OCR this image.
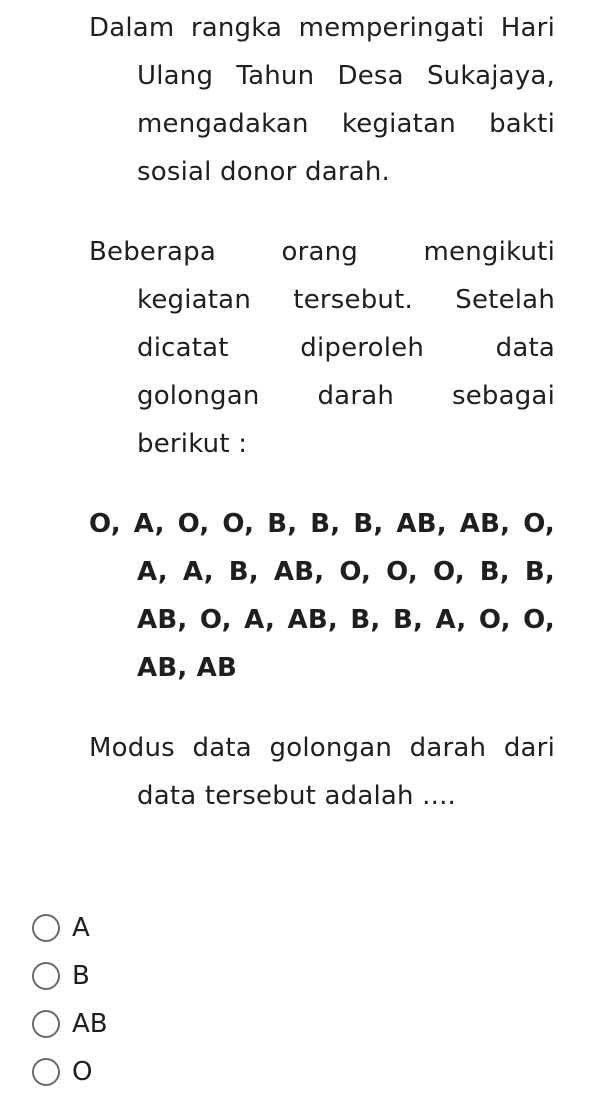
Dalam rangka memperingati Hari Ulang Tahun Desa Sukajaya, mengadakan kegiatan bakti sosial donor darah.

Beberapa orang mengikuti kegiatan tersebut. Setelah dicatat diperoleh data golongan darah sebagai berikut :

O, A, O, O, B, B, B, AB, AB, O, A, A, B, AB, O, O, O, B, B, AB, O, A, AB, B, B, A, O, O, AB, AB

Modus data golongan darah dari data tersebut adalah ....

A
B
AB
O
